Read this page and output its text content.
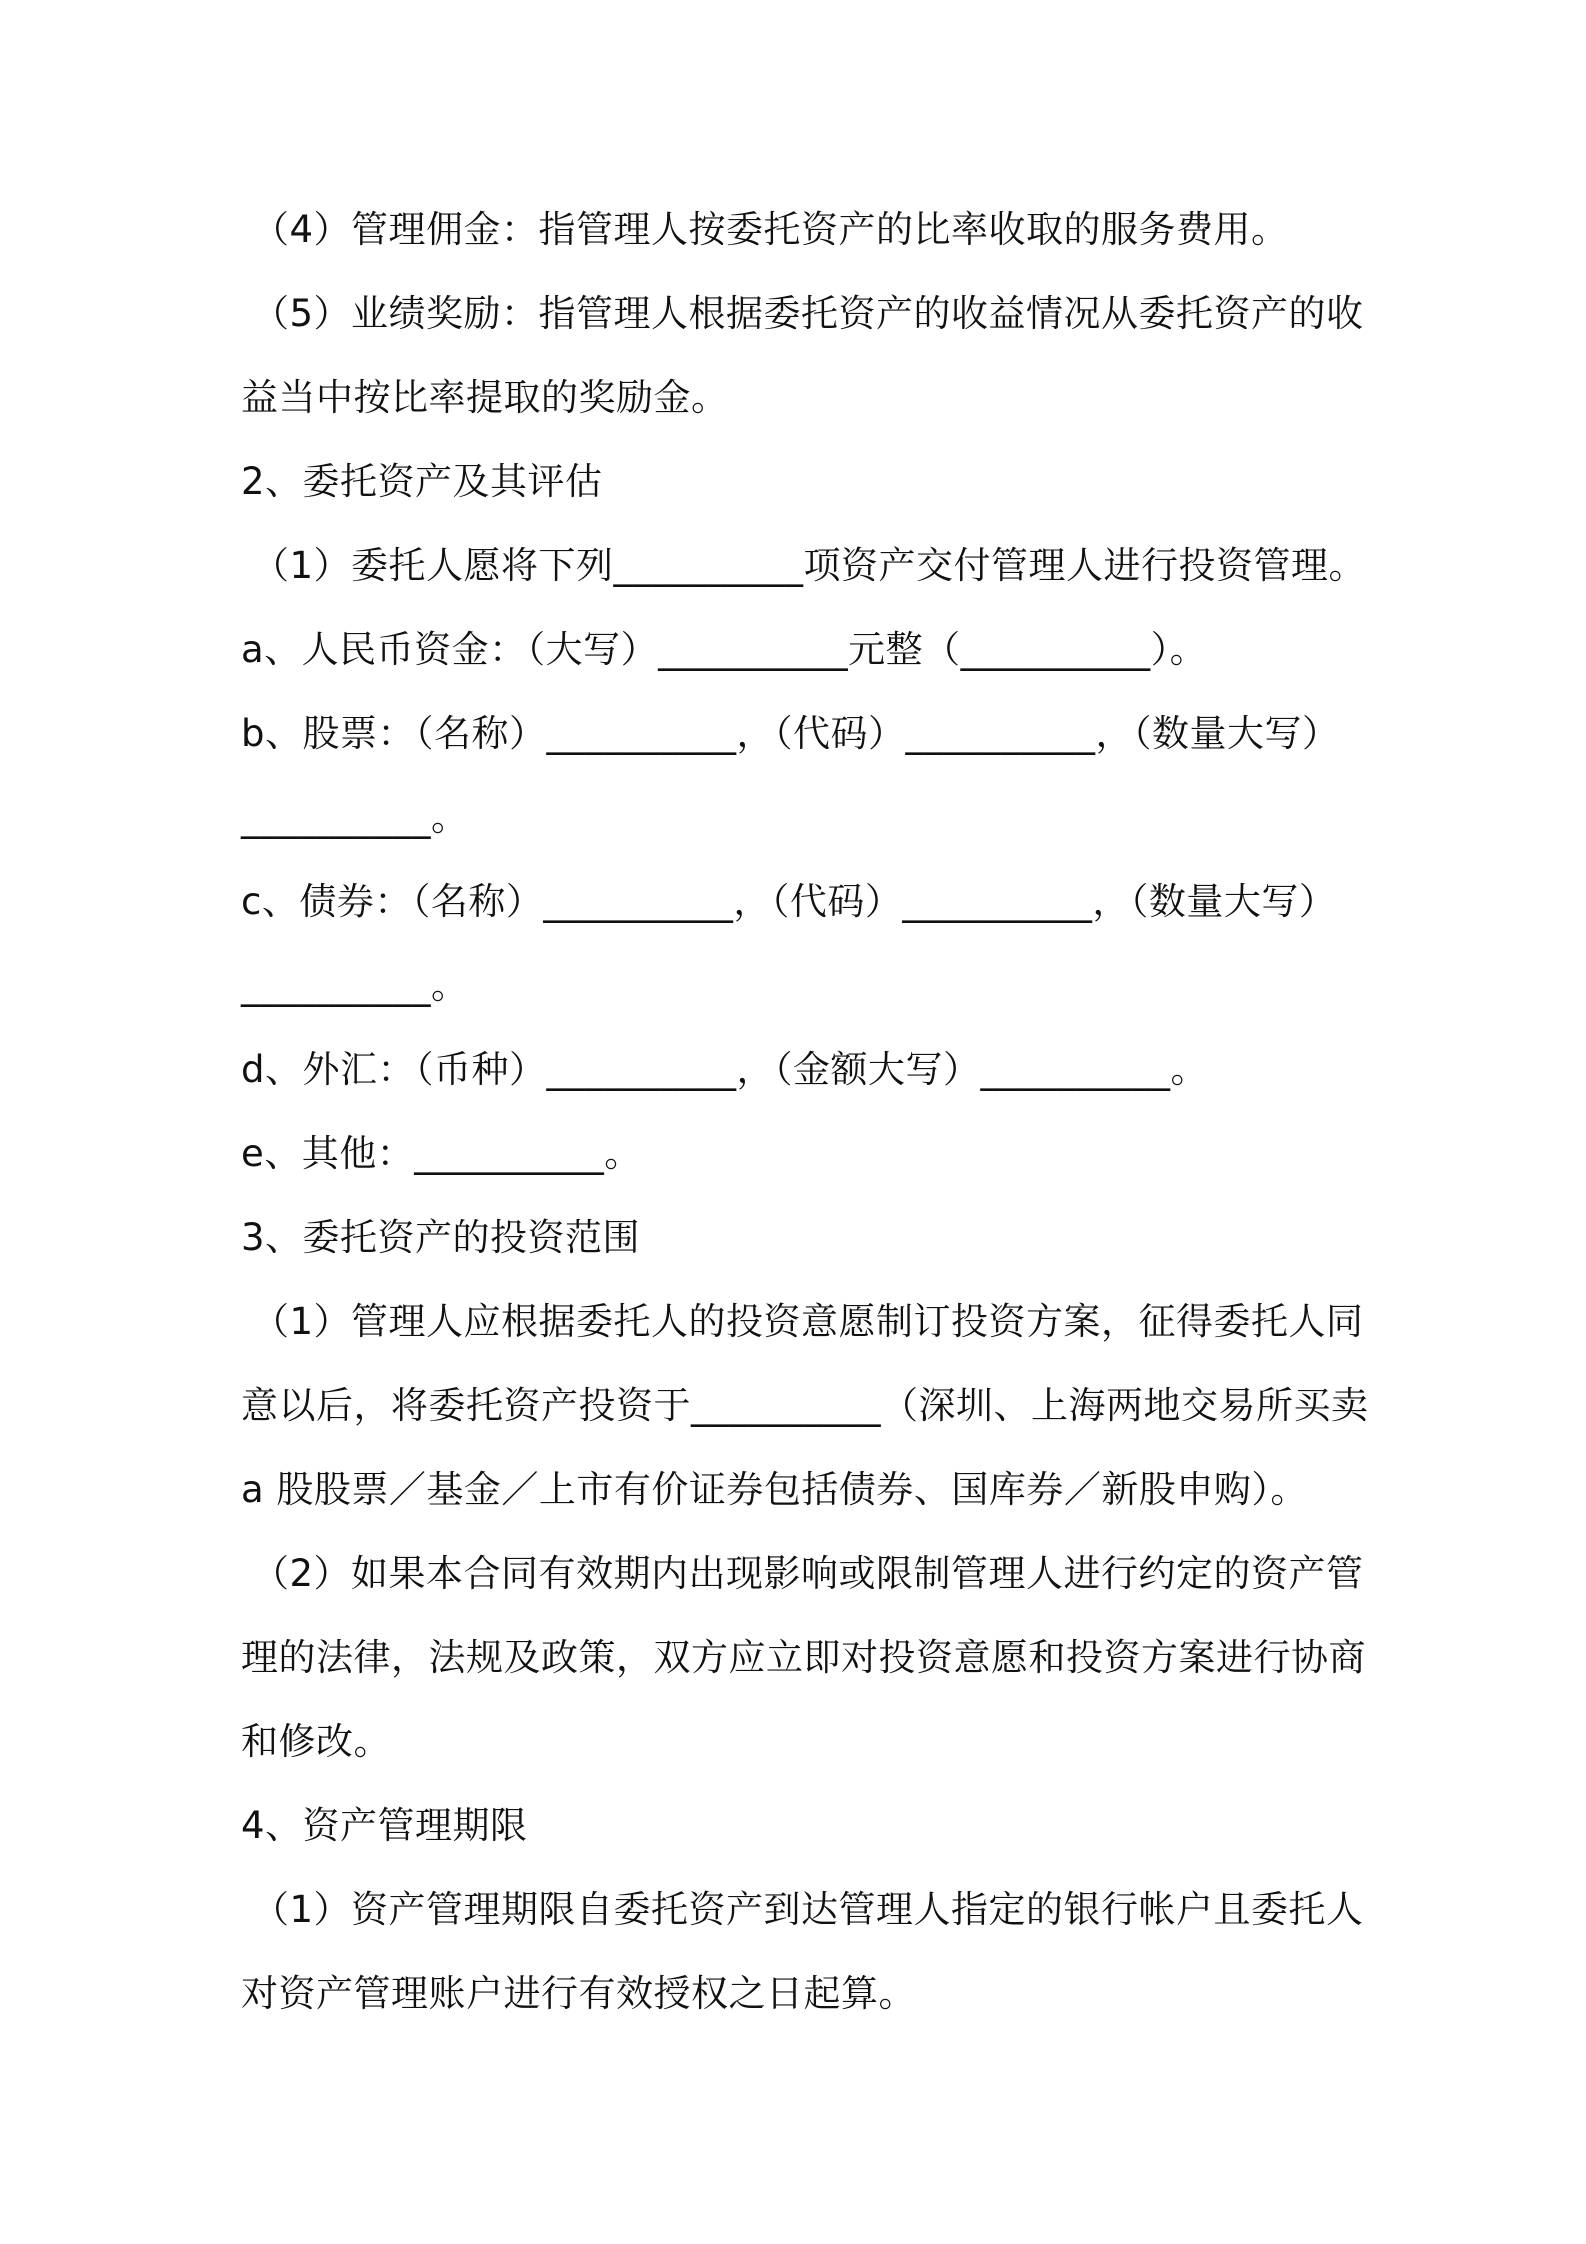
（4）管理佣金：指管理人按委托资产的比率收取的服务费用。
（5）业绩奖励：指管理人根据委托资产的收益情况从委托资产的收
益当中按比率提取的奖励金。
2、委托资产及其评估
（1）委托人愿将下列__________项资产交付管理人进行投资管理。
a、人民币资金：（大写）__________元整（__________）。
b、股票：（名称）__________，（代码）__________，（数量大写）
__________。
c、债券：（名称）__________，（代码）__________，（数量大写）
__________。
d、外汇：（币种）__________，（金额大写）__________。
e、其他：__________。
3、委托资产的投资范围
（1）管理人应根据委托人的投资意愿制订投资方案，征得委托人同
意以后，将委托资产投资于__________（深圳、上海两地交易所买卖
a 股股票／基金／上市有价证券包括债券、国库券／新股申购）。
（2）如果本合同有效期内出现影响或限制管理人进行约定的资产管
理的法律，法规及政策，双方应立即对投资意愿和投资方案进行协商
和修改。
4、资产管理期限
（1）资产管理期限自委托资产到达管理人指定的银行帐户且委托人
对资产管理账户进行有效授权之日起算。
